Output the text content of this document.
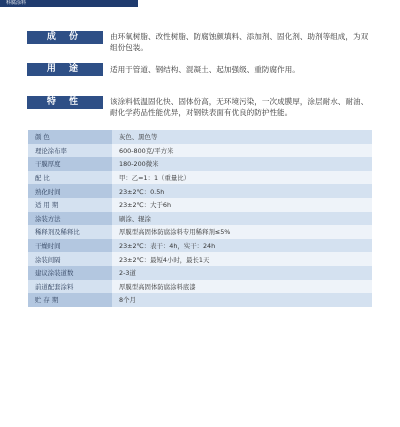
科腐涂料
成 份	由环氧树脂、改性树脂、防腐蚀颜填料、添加剂、固化剂、助剂等组成，为双组份包装。
用 途	适用于管道、钢结构、混凝土、起加强级、重防腐作用。
特 性	该涂料低温固化快、固体份高，无环境污染，一次成膜厚，涂层耐水、耐油、耐化学药品性能优异，对钢铁表面有优良的防护性能。
颜 色	灰色、黑色等
理论涂布率	600-800克/平方米
干膜厚度	180-200微米
配 比	甲：乙=1：1（重量比）
熟化时间	23±2℃：0.5h
适 用 期	23±2℃：大于6h
涂装方法	刷涂、辊涂
稀释剂及稀释比	厚膜型高固体防腐涂料专用稀释剂≤5%
干燥时间	23±2℃：表干：4h，实干：24h
涂装间隔	23±2℃：最短4小时，最长1天
建议涂装道数	2-3道
前道配套涂料	厚膜型高固体防腐涂料底漆
贮 存 期	8个月
